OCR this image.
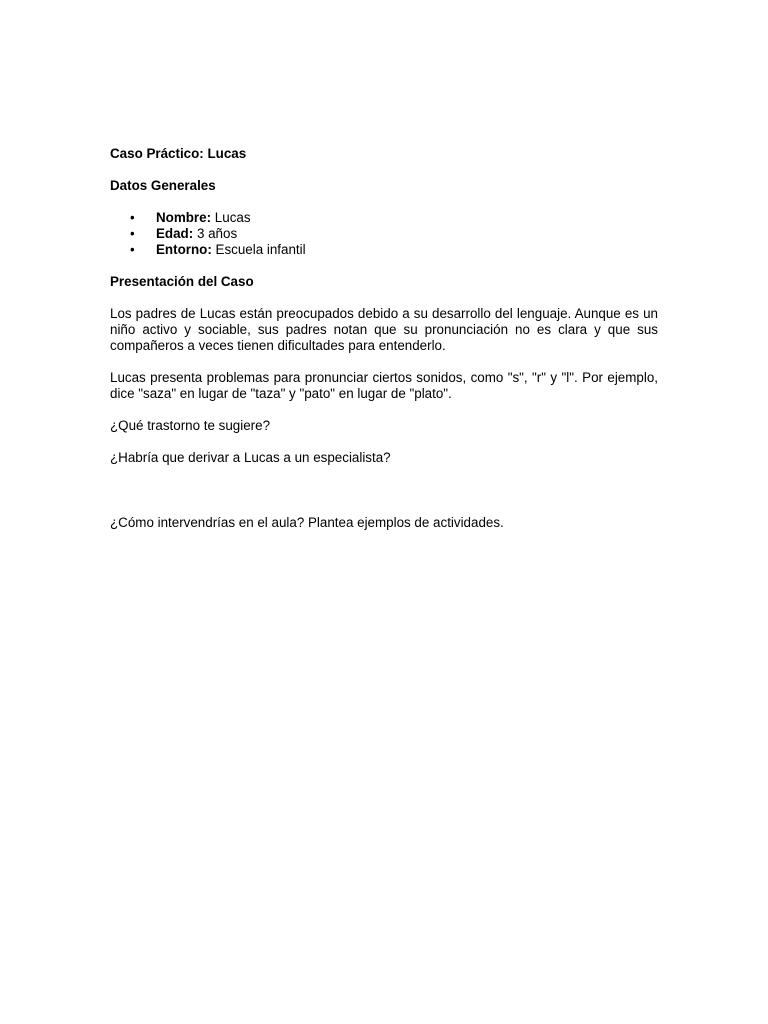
Caso Práctico: Lucas

Datos Generales

• Nombre: Lucas
• Edad: 3 años
• Entorno: Escuela infantil

Presentación del Caso

Los padres de Lucas están preocupados debido a su desarrollo del lenguaje. Aunque es un niño activo y sociable, sus padres notan que su pronunciación no es clara y que sus compañeros a veces tienen dificultades para entenderlo.

Lucas presenta problemas para pronunciar ciertos sonidos, como "s", "r" y "l". Por ejemplo, dice "saza" en lugar de "taza" y "pato" en lugar de "plato".

¿Qué trastorno te sugiere?

¿Habría que derivar a Lucas a un especialista?

¿Cómo intervendrías en el aula? Plantea ejemplos de actividades.
